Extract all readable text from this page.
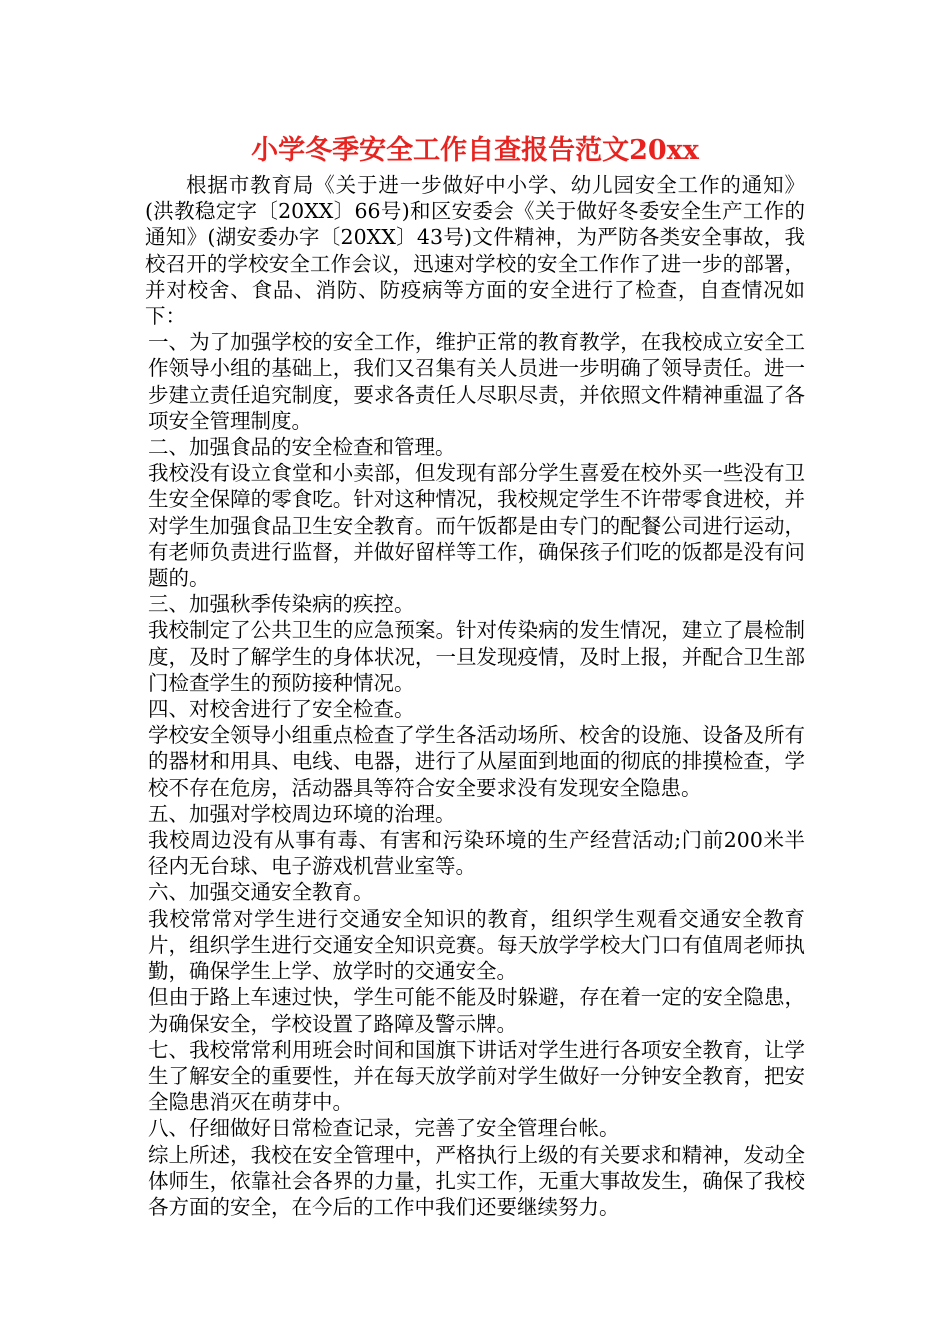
小学冬季安全工作自查报告范文20xx

根据市教育局《关于进一步做好中小学、幼儿园安全工作的通知》(洪教稳定字〔20XX〕66号)和区安委会《关于做好冬委安全生产工作的通知》(湖安委办字〔20XX〕43号)文件精神，为严防各类安全事故，我校召开的学校安全工作会议，迅速对学校的安全工作作了进一步的部署，并对校舍、食品、消防、防疫病等方面的安全进行了检查，自查情况如下：

一、为了加强学校的安全工作，维护正常的教育教学，在我校成立安全工作领导小组的基础上，我们又召集有关人员进一步明确了领导责任。进一步建立责任追究制度，要求各责任人尽职尽责，并依照文件精神重温了各项安全管理制度。

二、加强食品的安全检查和管理。

我校没有设立食堂和小卖部，但发现有部分学生喜爱在校外买一些没有卫生安全保障的零食吃。针对这种情况，我校规定学生不许带零食进校，并对学生加强食品卫生安全教育。而午饭都是由专门的配餐公司进行运动，有老师负责进行监督，并做好留样等工作，确保孩子们吃的饭都是没有问题的。

三、加强秋季传染病的疾控。

我校制定了公共卫生的应急预案。针对传染病的发生情况，建立了晨检制度，及时了解学生的身体状况，一旦发现疫情，及时上报，并配合卫生部门检查学生的预防接种情况。

四、对校舍进行了安全检查。

学校安全领导小组重点检查了学生各活动场所、校舍的设施、设备及所有的器材和用具、电线、电器，进行了从屋面到地面的彻底的排摸检查，学校不存在危房，活动器具等符合安全要求没有发现安全隐患。

五、加强对学校周边环境的治理。

我校周边没有从事有毒、有害和污染环境的生产经营活动;门前200米半径内无台球、电子游戏机营业室等。

六、加强交通安全教育。

我校常常对学生进行交通安全知识的教育，组织学生观看交通安全教育片，组织学生进行交通安全知识竞赛。每天放学学校大门口有值周老师执勤，确保学生上学、放学时的交通安全。

但由于路上车速过快，学生可能不能及时躲避，存在着一定的安全隐患，为确保安全，学校设置了路障及警示牌。

七、我校常常利用班会时间和国旗下讲话对学生进行各项安全教育，让学生了解安全的重要性，并在每天放学前对学生做好一分钟安全教育，把安全隐患消灭在萌芽中。

八、仔细做好日常检查记录，完善了安全管理台帐。

综上所述，我校在安全管理中，严格执行上级的有关要求和精神，发动全体师生，依靠社会各界的力量，扎实工作，无重大事故发生，确保了我校各方面的安全，在今后的工作中我们还要继续努力。
